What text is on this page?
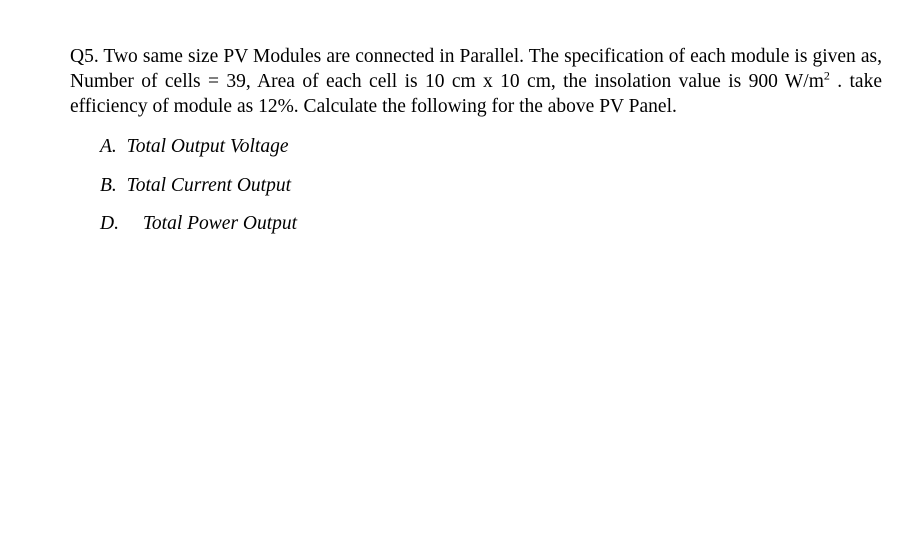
Q5. Two same size PV Modules are connected in Parallel. The specification of each module is given as, Number of cells = 39, Area of each cell is 10 cm x 10 cm, the insolation value is 900 $W/m^2$ . take efficiency of module as 12%. Calculate the following for the above PV Panel.

A. Total Output Voltage
B. Total Current Output
D. Total Power Output
